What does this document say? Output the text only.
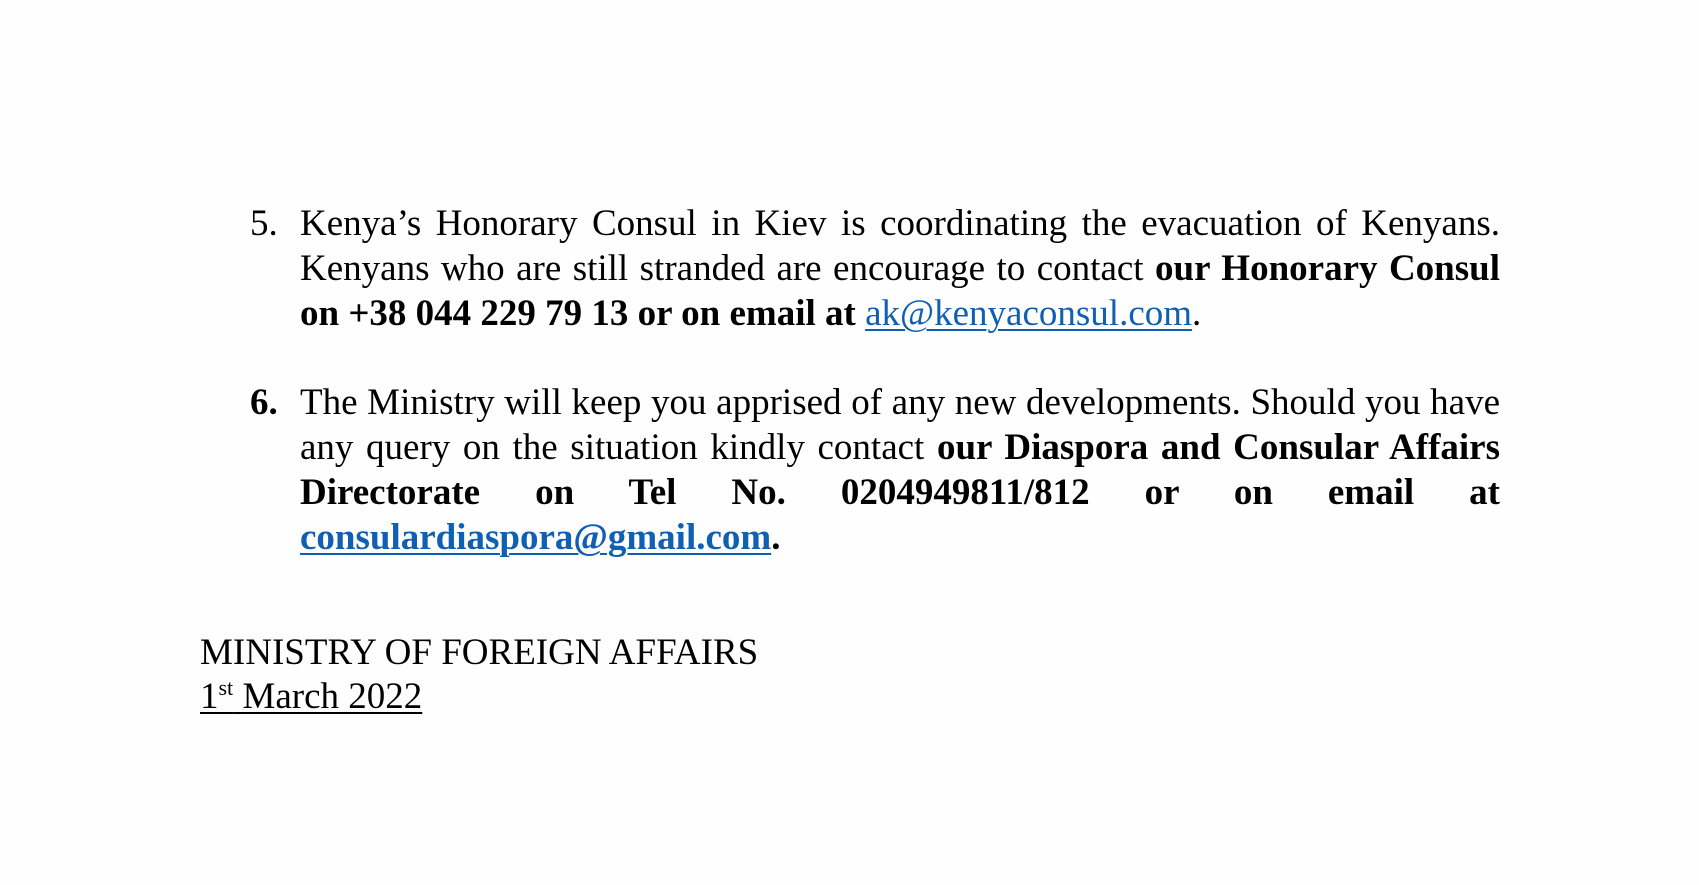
5. Kenya’s Honorary Consul in Kiev is coordinating the evacuation of Kenyans. Kenyans who are still stranded are encourage to contact our Honorary Consul on +38 044 229 79 13 or on email at ak@kenyaconsul.com.
6. The Ministry will keep you apprised of any new developments. Should you have any query on the situation kindly contact our Diaspora and Consular Affairs Directorate on Tel No. 0204949811/812 or on email at consulardiaspora@gmail.com.
MINISTRY OF FOREIGN AFFAIRS
1st March 2022
